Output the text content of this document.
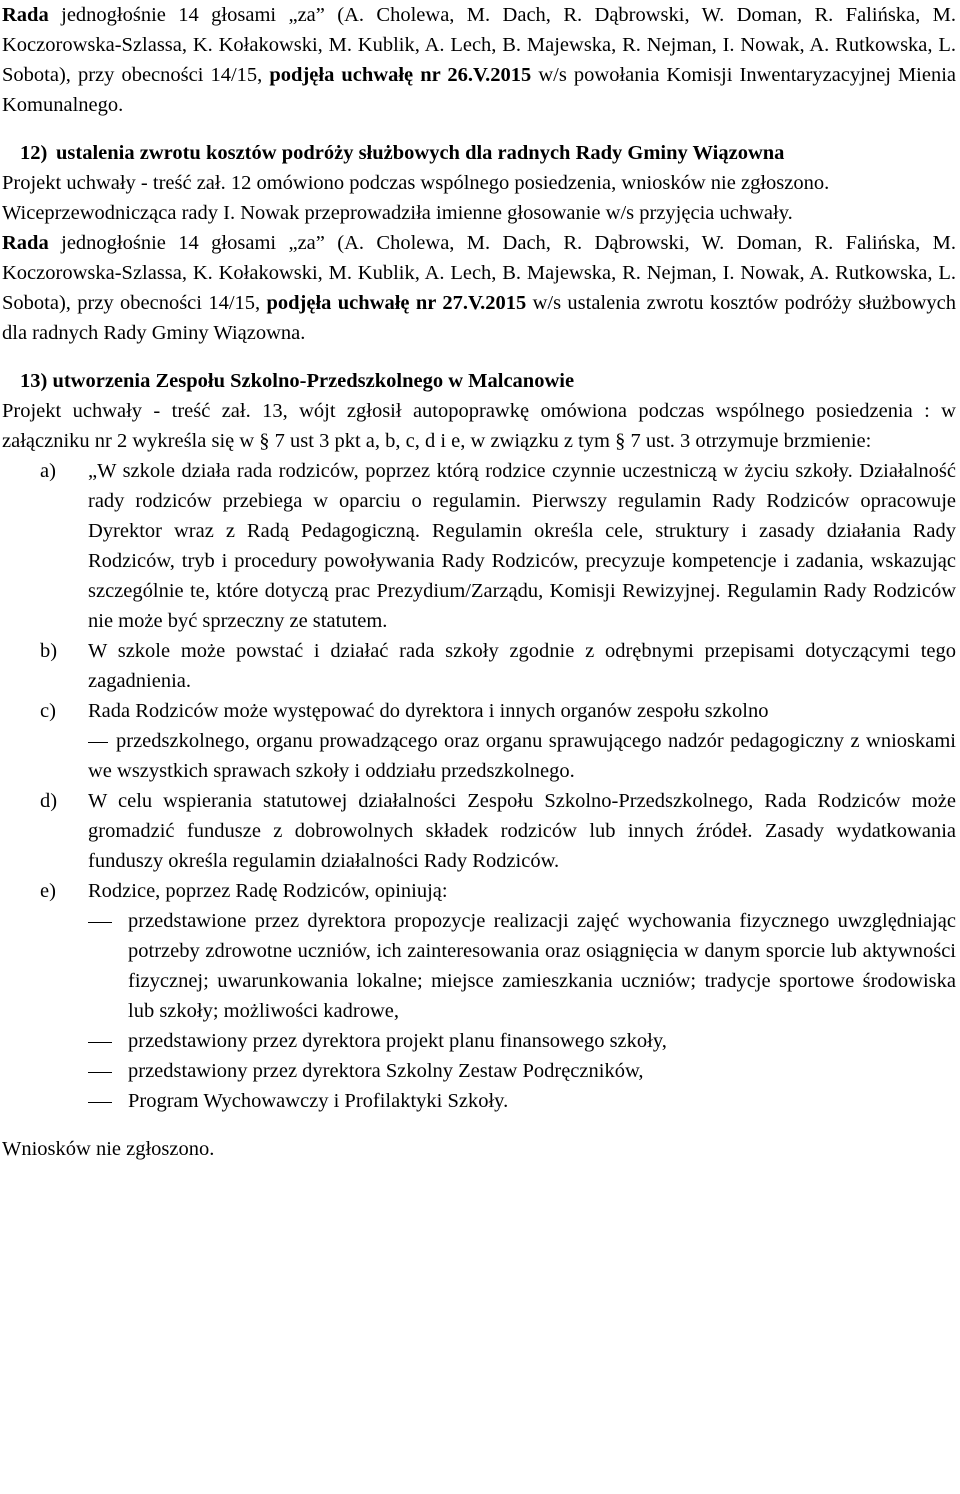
Rada jednogłośnie 14 głosami „za” (A. Cholewa, M. Dach, R. Dąbrowski, W. Doman, R. Falińska, M. Koczorowska-Szlassa, K. Kołakowski, M. Kublik, A. Lech, B. Majewska, R. Nejman, I. Nowak, A. Rutkowska, L. Sobota), przy obecności 14/15, podjęła uchwałę nr 26.V.2015 w/s powołania Komisji Inwentaryzacyjnej Mienia Komunalnego.

12) ustalenia zwrotu kosztów podróży służbowych dla radnych Rady Gminy Wiązowna

Projekt uchwały - treść zał. 12 omówiono podczas wspólnego posiedzenia, wniosków nie zgłoszono.

Wiceprzewodnicząca rady I. Nowak przeprowadziła imienne głosowanie w/s przyjęcia uchwały.

Rada jednogłośnie 14 głosami „za” (A. Cholewa, M. Dach, R. Dąbrowski, W. Doman, R. Falińska, M. Koczorowska-Szlassa, K. Kołakowski, M. Kublik, A. Lech, B. Majewska, R. Nejman, I. Nowak, A. Rutkowska, L. Sobota), przy obecności 14/15, podjęła uchwałę nr 27.V.2015 w/s ustalenia zwrotu kosztów podróży służbowych dla radnych Rady Gminy Wiązowna.

13) utworzenia Zespołu Szkolno-Przedszkolnego w Malcanowie

Projekt uchwały - treść zał. 13, wójt zgłosił autopoprawkę omówiona podczas wspólnego posiedzenia : w załączniku nr 2 wykreśla się w § 7 ust 3 pkt a, b, c, d i e, w związku z tym § 7 ust. 3 otrzymuje brzmienie:

a)	„W szkole działa rada rodziców, poprzez którą rodzice czynnie uczestniczą w życiu szkoły. Działalność rady rodziców przebiega w oparciu o regulamin. Pierwszy regulamin Rady Rodziców opracowuje Dyrektor wraz z Radą Pedagogiczną. Regulamin określa cele, struktury i zasady działania Rady Rodziców, tryb i procedury powoływania Rady Rodziców, precyzuje kompetencje i zadania, wskazując szczególnie te, które dotyczą prac Prezydium/Zarządu, Komisji Rewizyjnej. Regulamin Rady Rodziców nie może być sprzeczny ze statutem.
b)	W szkole może powstać i działać rada szkoły zgodnie z odrębnymi przepisami dotyczącymi tego zagadnienia.
c)	Rada Rodziców może występować do dyrektora i innych organów zespołu szkolno
przedszkolnego, organu prowadzącego oraz organu sprawującego nadzór pedagogiczny z wnioskami we wszystkich sprawach szkoły i oddziału przedszkolnego.
d)	W celu wspierania statutowej działalności Zespołu Szkolno-Przedszkolnego, Rada Rodziców może gromadzić fundusze z dobrowolnych składek rodziców lub innych źródeł. Zasady wydatkowania funduszy określa regulamin działalności Rady Rodziców.
e)	Rodzice, poprzez Radę Rodziców, opiniują:
przedstawione przez dyrektora propozycje realizacji zajęć wychowania fizycznego uwzględniając potrzeby zdrowotne uczniów, ich zainteresowania oraz osiągnięcia w danym sporcie lub aktywności fizycznej; uwarunkowania lokalne; miejsce zamieszkania uczniów; tradycje sportowe środowiska lub szkoły; możliwości kadrowe,
przedstawiony przez dyrektora projekt planu finansowego szkoły,
przedstawiony przez dyrektora Szkolny Zestaw Podręczników,
Program Wychowawczy i Profilaktyki Szkoły.

Wniosków nie zgłoszono.
